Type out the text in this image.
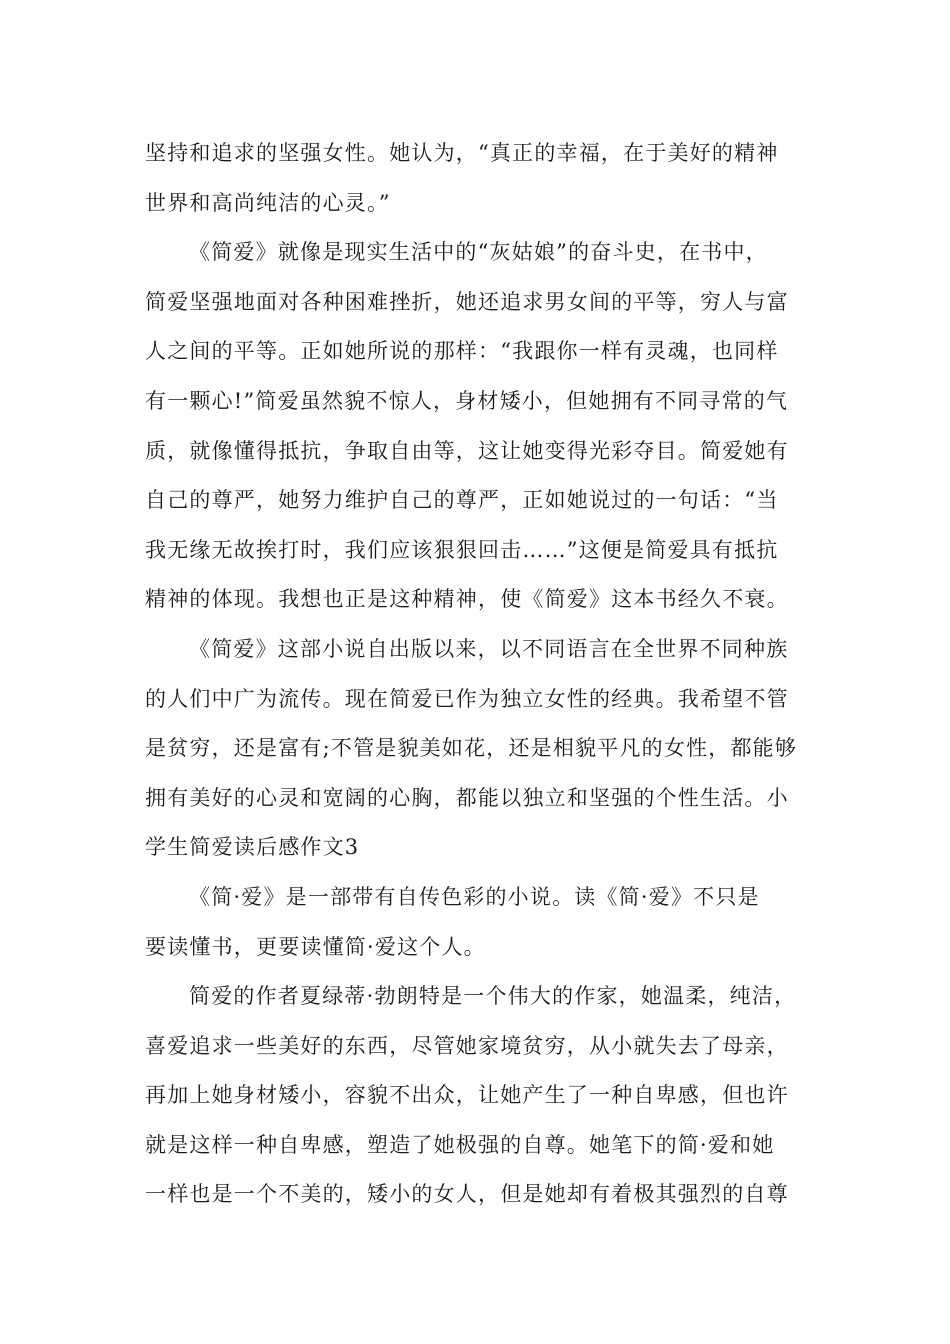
坚持和追求的坚强女性。她认为，“真正的幸福，在于美好的精神
世界和高尚纯洁的心灵。”
《简爱》就像是现实生活中的“灰姑娘”的奋斗史，在书中，
简爱坚强地面对各种困难挫折，她还追求男女间的平等，穷人与富
人之间的平等。正如她所说的那样：“我跟你一样有灵魂，也同样
有一颗心!”简爱虽然貌不惊人，身材矮小，但她拥有不同寻常的气
质，就像懂得抵抗，争取自由等，这让她变得光彩夺目。简爱她有
自己的尊严，她努力维护自己的尊严，正如她说过的一句话：“当
我无缘无故挨打时，我们应该狠狠回击……”这便是简爱具有抵抗
精神的体现。我想也正是这种精神，使《简爱》这本书经久不衰。
《简爱》这部小说自出版以来，以不同语言在全世界不同种族
的人们中广为流传。现在简爱已作为独立女性的经典。我希望不管
是贫穷，还是富有;不管是貌美如花，还是相貌平凡的女性，都能够
拥有美好的心灵和宽阔的心胸，都能以独立和坚强的个性生活。小
学生简爱读后感作文3
《简·爱》是一部带有自传色彩的小说。读《简·爱》不只是
要读懂书，更要读懂简·爱这个人。
简爱的作者夏绿蒂·勃朗特是一个伟大的作家，她温柔，纯洁，
喜爱追求一些美好的东西，尽管她家境贫穷，从小就失去了母亲，
再加上她身材矮小，容貌不出众，让她产生了一种自卑感，但也许
就是这样一种自卑感，塑造了她极强的自尊。她笔下的简·爱和她
一样也是一个不美的，矮小的女人，但是她却有着极其强烈的自尊
